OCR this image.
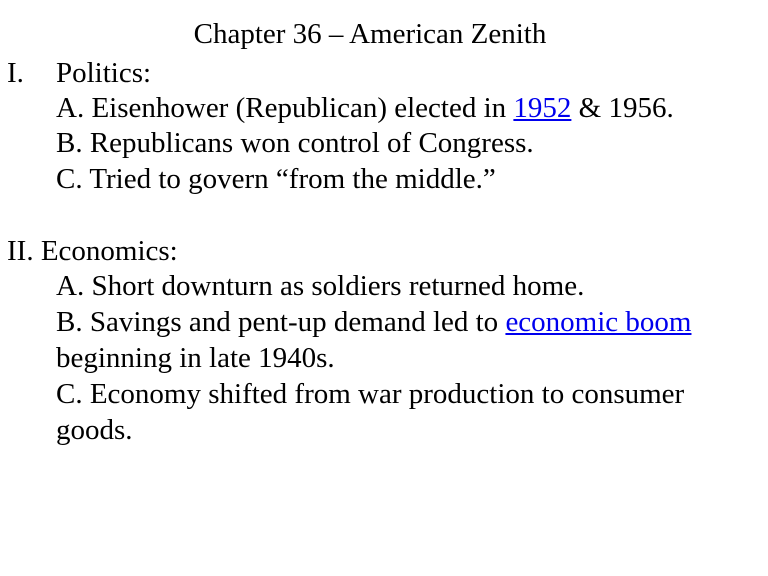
Chapter 36 – American Zenith
I. Politics:
A. Eisenhower (Republican) elected in 1952 & 1956.
B. Republicans won control of Congress.
C. Tried to govern “from the middle.”
II. Economics:
A. Short downturn as soldiers returned home.
B. Savings and pent-up demand led to economic boom
beginning in late 1940s.
C. Economy shifted from war production to consumer
goods.
